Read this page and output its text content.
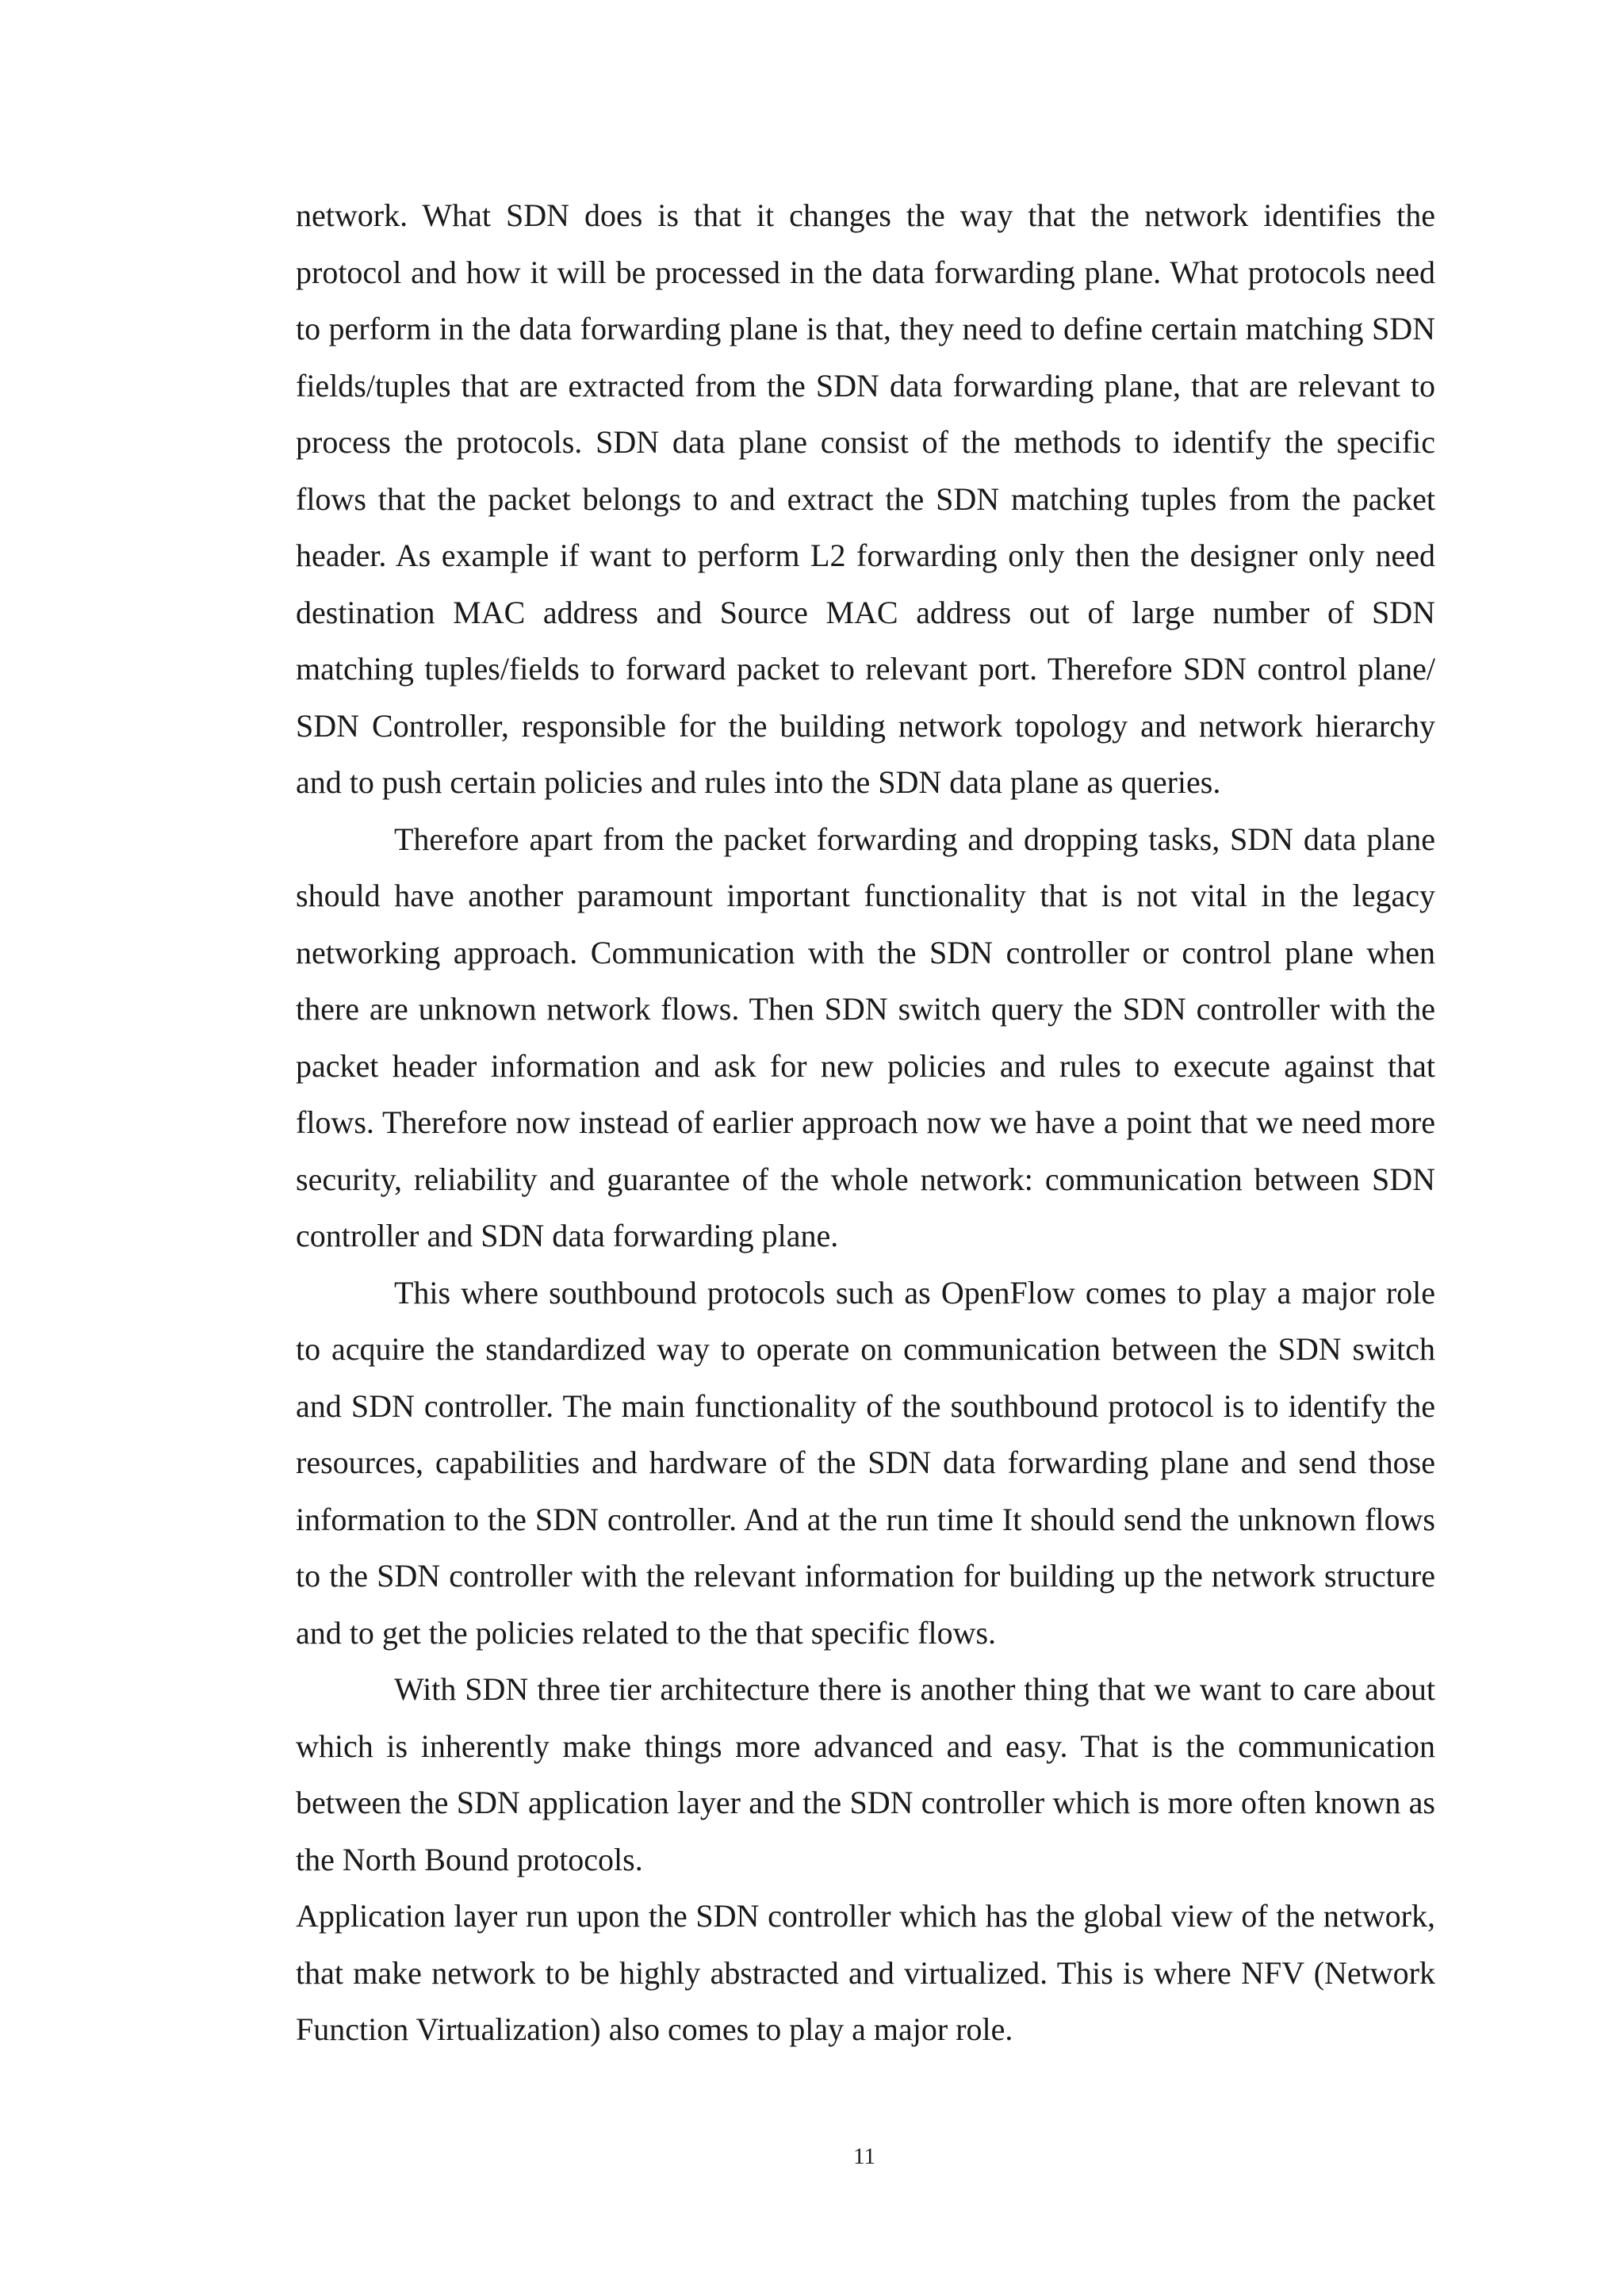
network. What SDN does is that it changes the way that the network identifies the protocol and how it will be processed in the data forwarding plane. What protocols need to perform in the data forwarding plane is that, they need to define certain matching SDN fields/tuples that are extracted from the SDN data forwarding plane, that are relevant to process the protocols. SDN data plane consist of the methods to identify the specific flows that the packet belongs to and extract the SDN matching tuples from the packet header. As example if want to perform L2 forwarding only then the designer only need destination MAC address and Source MAC address out of large number of SDN matching tuples/fields to forward packet to relevant port. Therefore SDN control plane/ SDN Controller, responsible for the building network topology and network hierarchy and to push certain policies and rules into the SDN data plane as queries.

Therefore apart from the packet forwarding and dropping tasks, SDN data plane should have another paramount important functionality that is not vital in the legacy networking approach. Communication with the SDN controller or control plane when there are unknown network flows. Then SDN switch query the SDN controller with the packet header information and ask for new policies and rules to execute against that flows. Therefore now instead of earlier approach now we have a point that we need more security, reliability and guarantee of the whole network: communication between SDN controller and SDN data forwarding plane.

This where southbound protocols such as OpenFlow comes to play a major role to acquire the standardized way to operate on communication between the SDN switch and SDN controller. The main functionality of the southbound protocol is to identify the resources, capabilities and hardware of the SDN data forwarding plane and send those information to the SDN controller. And at the run time It should send the unknown flows to the SDN controller with the relevant information for building up the network structure and to get the policies related to the that specific flows.

With SDN three tier architecture there is another thing that we want to care about which is inherently make things more advanced and easy. That is the communication between the SDN application layer and the SDN controller which is more often known as the North Bound protocols.

Application layer run upon the SDN controller which has the global view of the network, that make network to be highly abstracted and virtualized. This is where NFV (Network Function Virtualization) also comes to play a major role.

11
